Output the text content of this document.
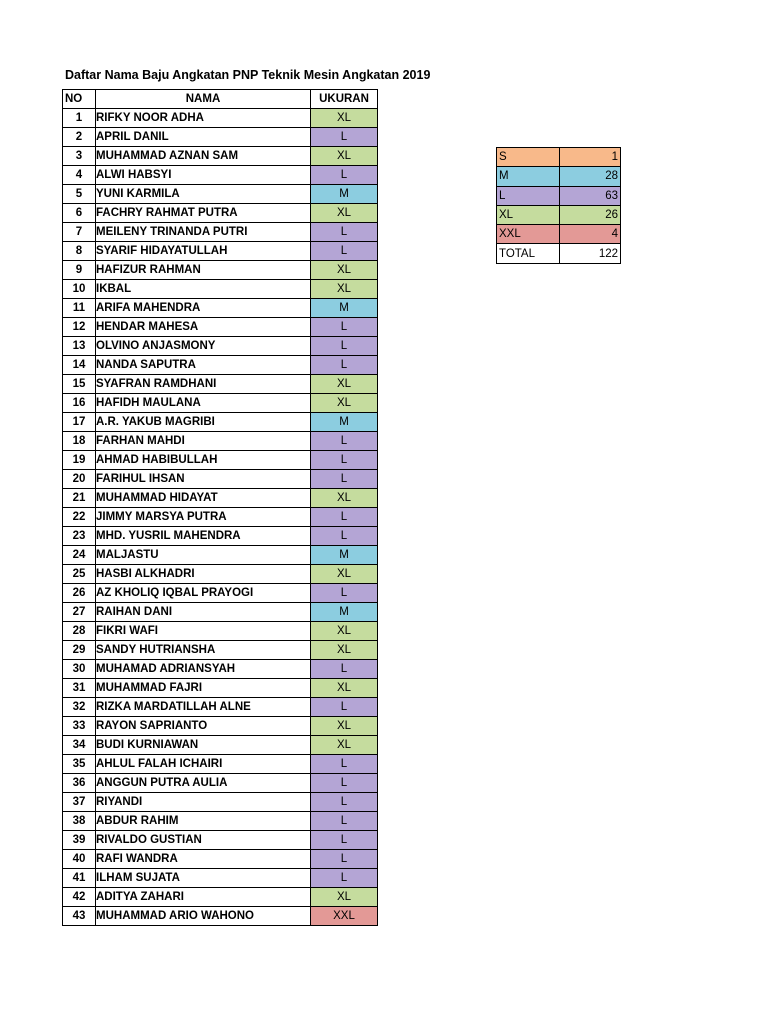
Daftar Nama Baju Angkatan PNP Teknik Mesin Angkatan 2019
NO	NAMA	UKURAN
1	RIFKY NOOR ADHA	XL
2	APRIL DANIL	L
3	MUHAMMAD AZNAN SAM	XL
4	ALWI HABSYI	L
5	YUNI KARMILA	M
6	FACHRY RAHMAT PUTRA	XL
7	MEILENY TRINANDA PUTRI	L
8	SYARIF HIDAYATULLAH	L
9	HAFIZUR RAHMAN	XL
10	IKBAL	XL
11	ARIFA MAHENDRA	M
12	HENDAR MAHESA	L
13	OLVINO ANJASMONY	L
14	NANDA SAPUTRA	L
15	SYAFRAN RAMDHANI	XL
16	HAFIDH MAULANA	XL
17	A.R. YAKUB MAGRIBI	M
18	FARHAN MAHDI	L
19	AHMAD HABIBULLAH	L
20	FARIHUL IHSAN	L
21	MUHAMMAD HIDAYAT	XL
22	JIMMY MARSYA PUTRA	L
23	MHD. YUSRIL MAHENDRA	L
24	MALJASTU	M
25	HASBI ALKHADRI	XL
26	AZ KHOLIQ IQBAL PRAYOGI	L
27	RAIHAN DANI	M
28	FIKRI WAFI	XL
29	SANDY HUTRIANSHA	XL
30	MUHAMAD ADRIANSYAH	L
31	MUHAMMAD FAJRI	XL
32	RIZKA MARDATILLAH ALNE	L
33	RAYON SAPRIANTO	XL
34	BUDI KURNIAWAN	XL
35	AHLUL FALAH ICHAIRI	L
36	ANGGUN PUTRA AULIA	L
37	RIYANDI	L
38	ABDUR RAHIM	L
39	RIVALDO GUSTIAN	L
40	RAFI WANDRA	L
41	ILHAM SUJATA	L
42	ADITYA ZAHARI	XL
43	MUHAMMAD ARIO WAHONO	XXL
S	1
M	28
L	63
XL	26
XXL	4
TOTAL	122
